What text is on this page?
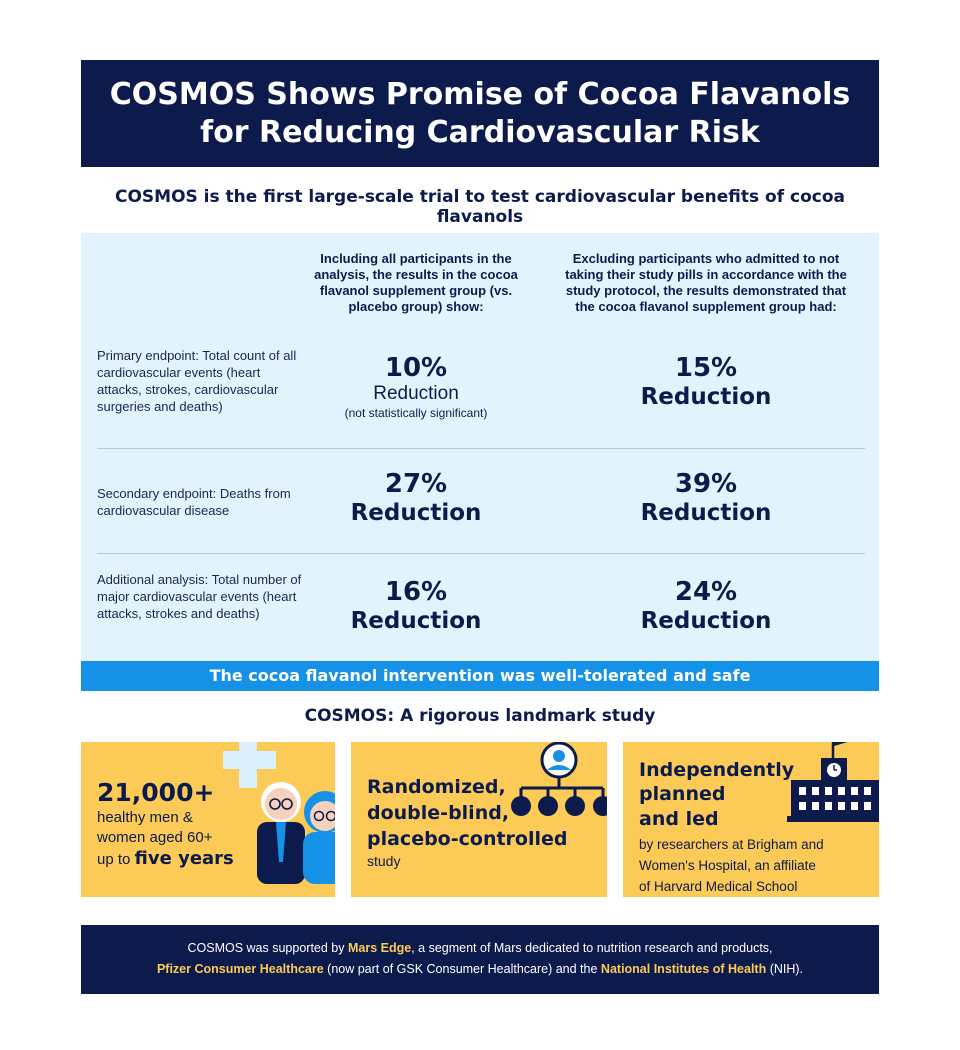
COSMOS Shows Promise of Cocoa Flavanols for Reducing Cardiovascular Risk
COSMOS is the first large-scale trial to test cardiovascular benefits of cocoa flavanols
Including all participants in the analysis, the results in the cocoa flavanol supplement group (vs. placebo group) show:
Excluding participants who admitted to not taking their study pills in accordance with the study protocol, the results demonstrated that the cocoa flavanol supplement group had:
Primary endpoint: Total count of all cardiovascular events (heart attacks, strokes, cardiovascular surgeries and deaths)
10%
Reduction
(not statistically significant)
15%
Reduction
Secondary endpoint: Deaths from cardiovascular disease
27%
Reduction
39%
Reduction
Additional analysis: Total number of major cardiovascular events (heart attacks, strokes and deaths)
16%
Reduction
24%
Reduction
The cocoa flavanol intervention was well-tolerated and safe
COSMOS: A rigorous landmark study
21,000+
healthy men &
women aged 60+
up to five years
Randomized,
double-blind,
placebo-controlled
study
Independently
planned
and led
by researchers at Brigham and
Women's Hospital, an affiliate
of Harvard Medical School
COSMOS was supported by Mars Edge, a segment of Mars dedicated to nutrition research and products,
Pfizer Consumer Healthcare (now part of GSK Consumer Healthcare) and the National Institutes of Health (NIH).
